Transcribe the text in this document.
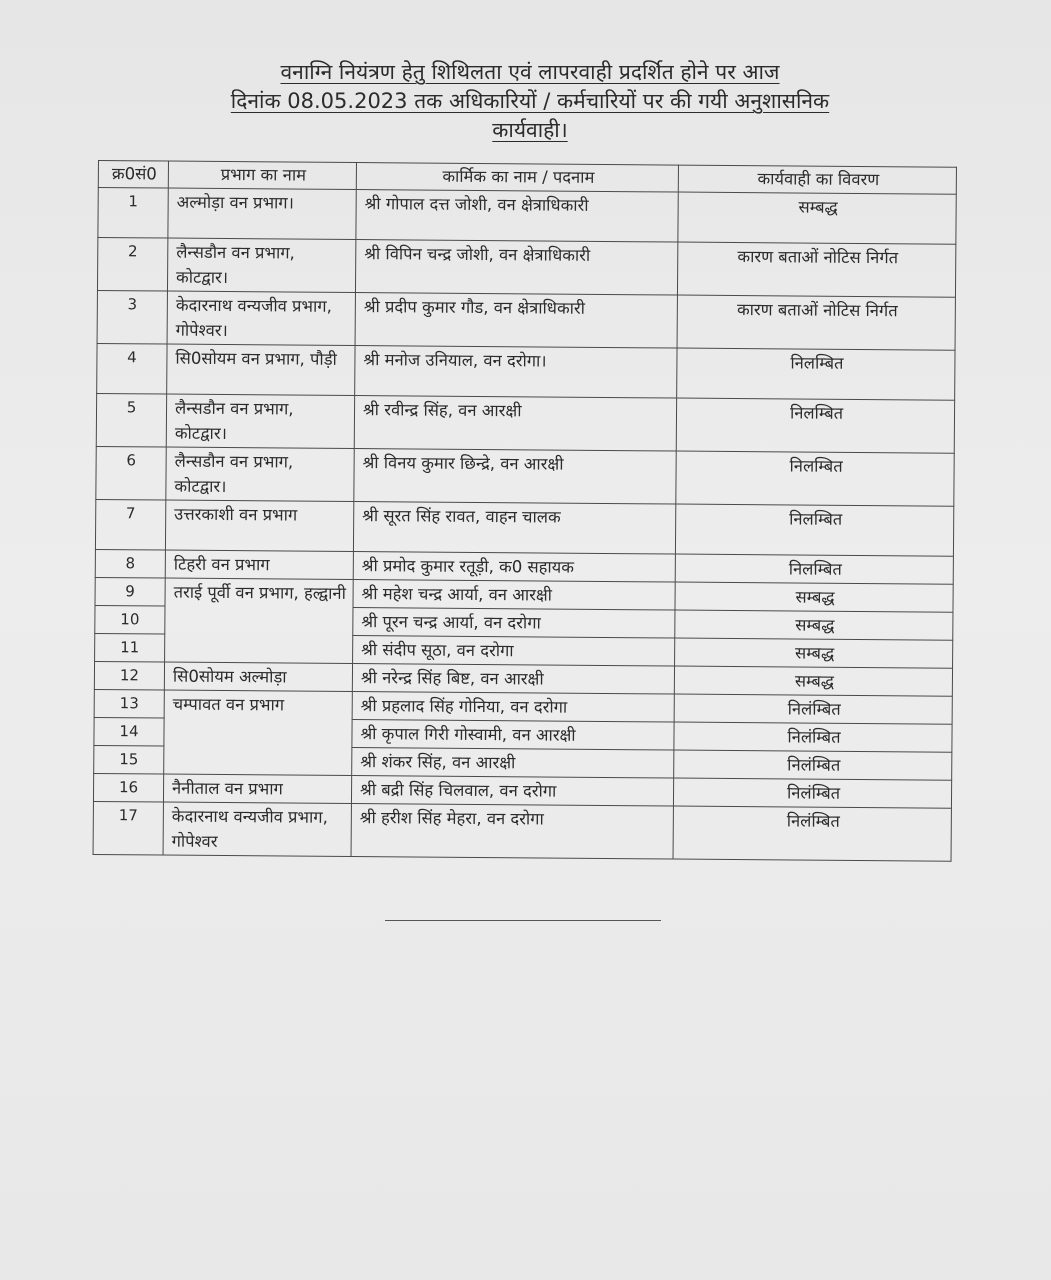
वनाग्नि नियंत्रण हेतु शिथिलता एवं लापरवाही प्रदर्शित होने पर आज
दिनांक 08.05.2023 तक अधिकारियों / कर्मचारियों पर की गयी अनुशासनिक
कार्यवाही।
क्र0सं0	प्रभाग का नाम	कार्मिक का नाम / पदनाम	कार्यवाही का विवरण
1	अल्मोड़ा वन प्रभाग।	श्री गोपाल दत्त जोशी, वन क्षेत्राधिकारी	सम्बद्ध
2	लैन्सडौन वन प्रभाग, कोटद्वार।	श्री विपिन चन्द्र जोशी, वन क्षेत्राधिकारी	कारण बताओं नोटिस निर्गत
3	केदारनाथ वन्यजीव प्रभाग, गोपेश्वर।	श्री प्रदीप कुमार गौड, वन क्षेत्राधिकारी	कारण बताओं नोटिस निर्गत
4	सि0सोयम वन प्रभाग, पौड़ी	श्री मनोज उनियाल, वन दरोगा।	निलम्बित
5	लैन्सडौन वन प्रभाग, कोटद्वार।	श्री रवीन्द्र सिंह, वन आरक्षी	निलम्बित
6	लैन्सडौन वन प्रभाग, कोटद्वार।	श्री विनय कुमार छिन्द्रे, वन आरक्षी	निलम्बित
7	उत्तरकाशी वन प्रभाग	श्री सूरत सिंह रावत, वाहन चालक	निलम्बित
8	टिहरी वन प्रभाग	श्री प्रमोद कुमार रतूड़ी, क0 सहायक	निलम्बित
9	तराई पूर्वी वन प्रभाग, हल्द्वानी	श्री महेश चन्द्र आर्या, वन आरक्षी	सम्बद्ध
10		श्री पूरन चन्द्र आर्या, वन दरोगा	सम्बद्ध
11		श्री संदीप सूठा, वन दरोगा	सम्बद्ध
12	सि0सोयम अल्मोड़ा	श्री नरेन्द्र सिंह बिष्ट, वन आरक्षी	सम्बद्ध
13	चम्पावत वन प्रभाग	श्री प्रहलाद सिंह गोनिया, वन दरोगा	निलंम्बित
14		श्री कृपाल गिरी गोस्वामी, वन आरक्षी	निलंम्बित
15		श्री शंकर सिंह, वन आरक्षी	निलंम्बित
16	नैनीताल वन प्रभाग	श्री बद्री सिंह चिलवाल, वन दरोगा	निलंम्बित
17	केदारनाथ वन्यजीव प्रभाग, गोपेश्वर	श्री हरीश सिंह मेहरा, वन दरोगा	निलंम्बित
